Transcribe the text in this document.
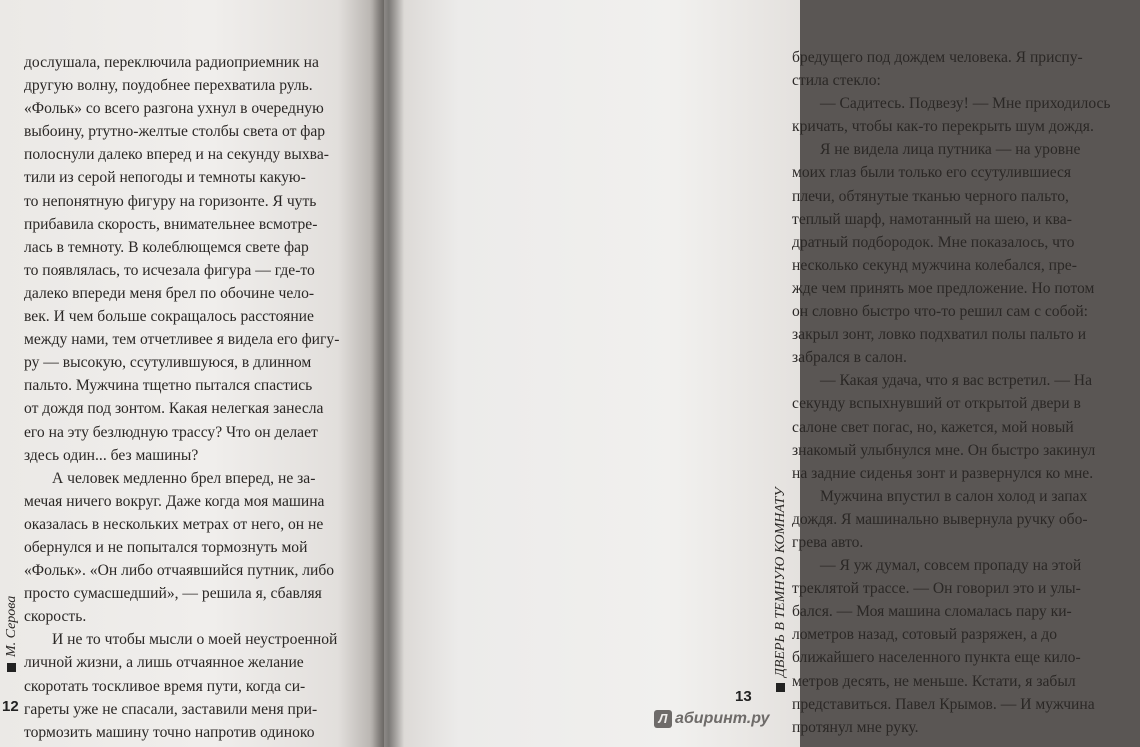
М. Серова
дослушала, переключила радиоприемник на
другую волну, поудобнее перехватила руль.
«Фольк» со всего разгона ухнул в очередную
выбоину, ртутно-желтые столбы света от фар
полоснули далеко вперед и на секунду выхва-
тили из серой непогоды и темноты какую-
то непонятную фигуру на горизонте. Я чуть
прибавила скорость, внимательнее всмотре-
лась в темноту. В колеблющемся свете фар
то появлялась, то исчезала фигура — где-то
далеко впереди меня брел по обочине чело-
век. И чем больше сокращалось расстояние
между нами, тем отчетливее я видела его фигу-
ру — высокую, ссутулившуюся, в длинном
пальто. Мужчина тщетно пытался спастись
от дождя под зонтом. Какая нелегкая занесла
его на эту безлюдную трассу? Что он делает
здесь один... без машины?
А человек медленно брел вперед, не за-
мечая ничего вокруг. Даже когда моя машина
оказалась в нескольких метрах от него, он не
обернулся и не попытался тормознуть мой
«Фольк». «Он либо отчаявшийся путник, либо
просто сумасшедший», — решила я, сбавляя
скорость.
И не то чтобы мысли о моей неустроенной
личной жизни, а лишь отчаянное желание
скоротать тоскливое время пути, когда си-
гареты уже не спасали, заставили меня при-
тормозить машину точно напротив одиноко
12
бредущего под дождем человека. Я приспу-
стила стекло:
— Садитесь. Подвезу! — Мне приходилось
кричать, чтобы как-то перекрыть шум дождя.
Я не видела лица путника — на уровне
моих глаз были только его ссутулившиеся
плечи, обтянутые тканью черного пальто,
теплый шарф, намотанный на шею, и ква-
дратный подбородок. Мне показалось, что
несколько секунд мужчина колебался, пре-
жде чем принять мое предложение. Но потом
он словно быстро что-то решил сам с собой:
закрыл зонт, ловко подхватил полы пальто и
забрался в салон.
— Какая удача, что я вас встретил. — На
секунду вспыхнувший от открытой двери в
салоне свет погас, но, кажется, мой новый
знакомый улыбнулся мне. Он быстро закинул
на задние сиденья зонт и развернулся ко мне.
Мужчина впустил в салон холод и запах
дождя. Я машинально вывернула ручку обо-
грева авто.
— Я уж думал, совсем пропаду на этой
треклятой трассе. — Он говорил это и улы-
бался. — Моя машина сломалась пару ки-
лометров назад, сотовый разряжен, а до
ближайшего населенного пункта еще кило-
метров десять, не меньше. Кстати, я забыл
представиться. Павел Крымов. — И мужчина
протянул мне руку.
ДВЕРЬ В ТЕМНУЮ КОМНАТУ
13
Л абиринт.ру
